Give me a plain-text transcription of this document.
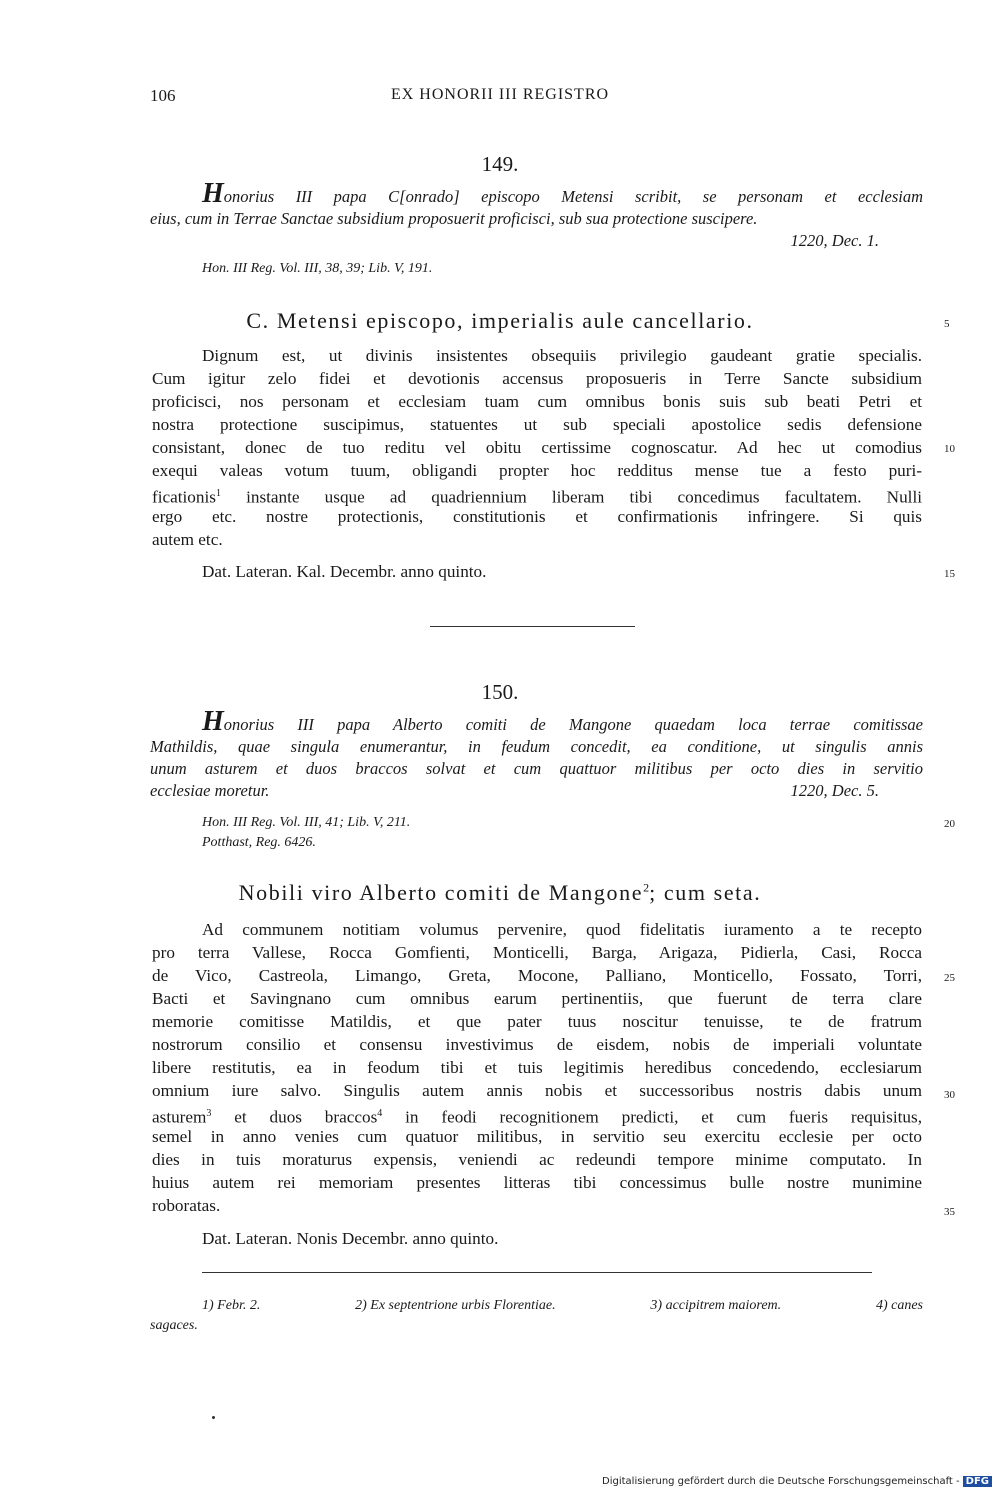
106	EX HONORII III REGISTRO
149.
Honorius III papa C[onrado] episcopo Metensi scribit, se personam et ecclesiam
eius, cum in Terrae Sanctae subsidium proposuerit proficisci, sub sua protectione suscipere.
1220, Dec. 1.
Hon. III Reg. Vol. III, 38, 39; Lib. V, 191.
C. Metensi episcopo, imperialis aule cancellario.	5
Dignum est, ut divinis insistentes obsequiis privilegio gaudeant gratie specialis.
Cum igitur zelo fidei et devotionis accensus proposueris in Terre Sancte subsidium
proficisci, nos personam et ecclesiam tuam cum omnibus bonis suis sub beati Petri et
nostra protectione suscipimus, statuentes ut sub speciali apostolice sedis defensione
consistant, donec de tuo reditu vel obitu certissime cognoscatur. Ad hec ut comodius 10
exequi valeas votum tuum, obligandi propter hoc redditus mense tue a festo puri-
ficationis$^1$ instante usque ad quadriennium liberam tibi concedimus facultatem. Nulli
ergo etc. nostre protectionis, constitutionis et confirmationis infringere. Si quis
autem etc.
Dat. Lateran. Kal. Decembr. anno quinto.	15
150.
Honorius III papa Alberto comiti de Mangone quaedam loca terrae comitissae
Mathildis, quae singula enumerantur, in feudum concedit, ea conditione, ut singulis annis
unum asturem et duos braccos solvat et cum quattuor militibus per octo dies in servitio
ecclesiae moretur.	1220, Dec. 5.
Hon. III Reg. Vol. III, 41; Lib. V, 211.	20
Potthast, Reg. 6426.
Nobili viro Alberto comiti de Mangone$^2$; cum seta.
Ad communem notitiam volumus pervenire, quod fidelitatis iuramento a te recepto
pro terra Vallese, Rocca Gomfienti, Monticelli, Barga, Arigaza, Pidierla, Casi, Rocca
de Vico, Castreola, Limango, Greta, Mocone, Palliano, Monticello, Fossato, Torri, 25
Bacti et Savingnano cum omnibus earum pertinentiis, que fuerunt de terra clare
memorie comitisse Matildis, et que pater tuus noscitur tenuisse, te de fratrum
nostrorum consilio et consensu investivimus de eisdem, nobis de imperiali voluntate
libere restitutis, ea in feodum tibi et tuis legitimis heredibus concedendo, ecclesiarum
omnium iure salvo. Singulis autem annis nobis et successoribus nostris dabis unum 30
asturem$^3$ et duos braccos$^4$ in feodi recognitionem predicti, et cum fueris requisitus,
semel in anno venies cum quatuor militibus, in servitio seu exercitu ecclesie per octo
dies in tuis moraturus expensis, veniendi ac redeundi tempore minime computato. In
huius autem rei memoriam presentes litteras tibi concessimus bulle nostre munimine
roboratas.	35
Dat. Lateran. Nonis Decembr. anno quinto.
1) Febr. 2.	2) Ex septentrione urbis Florentiae.	3) accipitrem maiorem.	4) canes
sagaces.
Digitalisierung gefördert durch die Deutsche Forschungsgemeinschaft - DFG
